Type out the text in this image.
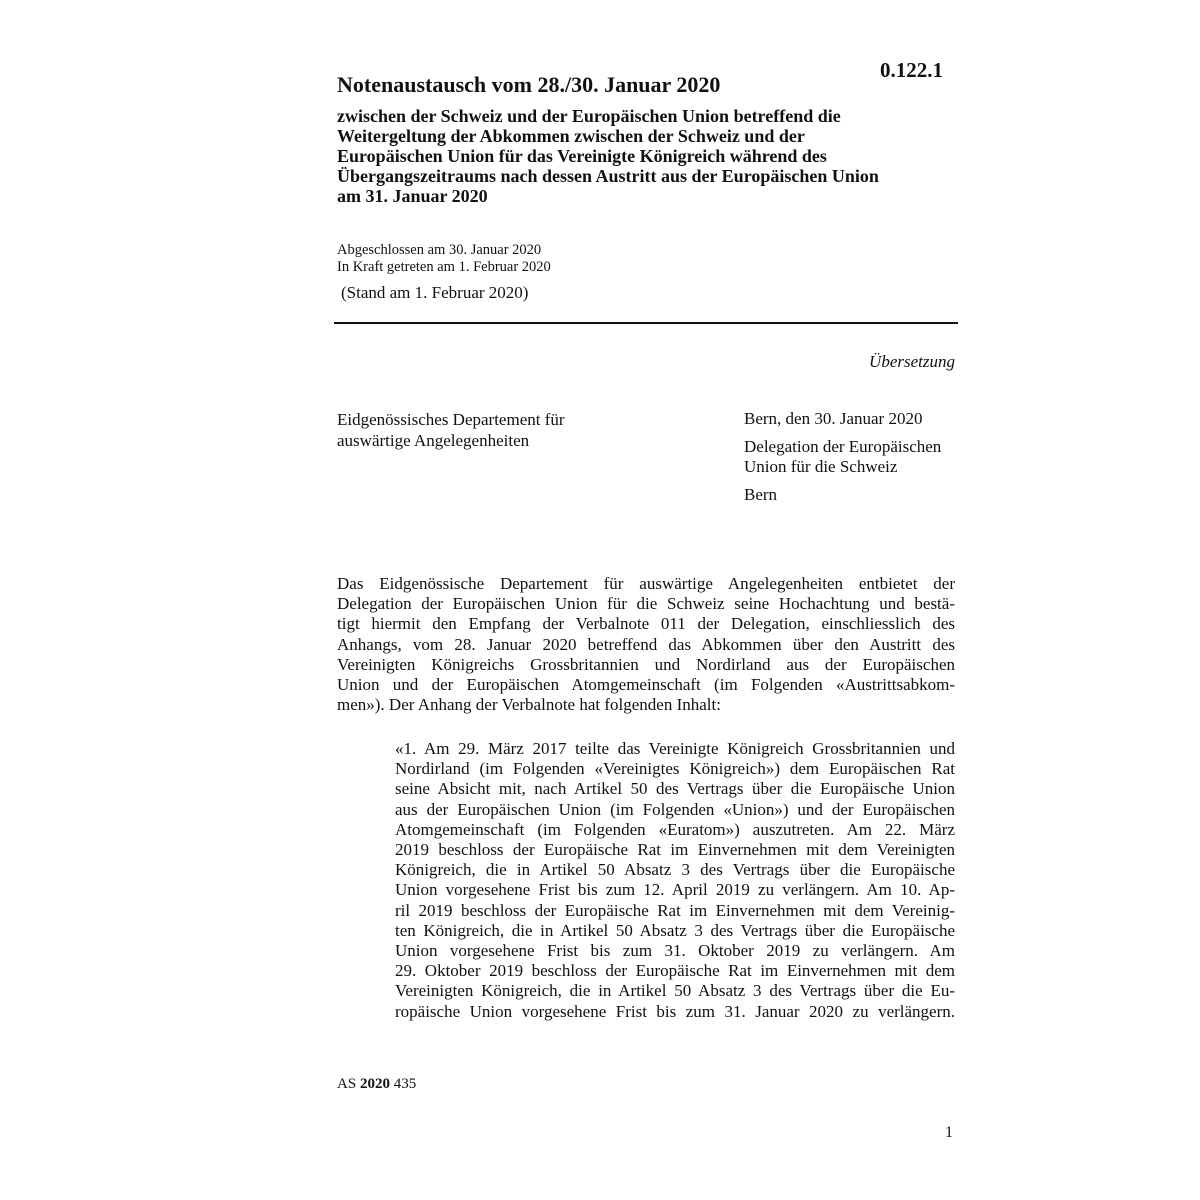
0.122.1
Notenaustausch vom 28./30. Januar 2020
zwischen der Schweiz und der Europäischen Union betreffend die
Weitergeltung der Abkommen zwischen der Schweiz und der
Europäischen Union für das Vereinigte Königreich während des
Übergangszeitraums nach dessen Austritt aus der Europäischen Union
am 31. Januar 2020
Abgeschlossen am 30. Januar 2020
In Kraft getreten am 1. Februar 2020
(Stand am 1. Februar 2020)
Übersetzung
Eidgenössisches Departement für
auswärtige Angelegenheiten
Bern, den 30. Januar 2020
Delegation der Europäischen
Union für die Schweiz
Bern
Das Eidgenössische Departement für auswärtige Angelegenheiten entbietet der
Delegation der Europäischen Union für die Schweiz seine Hochachtung und bestä-
tigt hiermit den Empfang der Verbalnote 011 der Delegation, einschliesslich des
Anhangs, vom 28. Januar 2020 betreffend das Abkommen über den Austritt des
Vereinigten Königreichs Grossbritannien und Nordirland aus der Europäischen
Union und der Europäischen Atomgemeinschaft (im Folgenden «Austrittsabkom-
men»). Der Anhang der Verbalnote hat folgenden Inhalt:
«1. Am 29. März 2017 teilte das Vereinigte Königreich Grossbritannien und
Nordirland (im Folgenden «Vereinigtes Königreich») dem Europäischen Rat
seine Absicht mit, nach Artikel 50 des Vertrags über die Europäische Union
aus der Europäischen Union (im Folgenden «Union») und der Europäischen
Atomgemeinschaft (im Folgenden «Euratom») auszutreten. Am 22. März
2019 beschloss der Europäische Rat im Einvernehmen mit dem Vereinigten
Königreich, die in Artikel 50 Absatz 3 des Vertrags über die Europäische
Union vorgesehene Frist bis zum 12. April 2019 zu verlängern. Am 10. Ap-
ril 2019 beschloss der Europäische Rat im Einvernehmen mit dem Vereinig-
ten Königreich, die in Artikel 50 Absatz 3 des Vertrags über die Europäische
Union vorgesehene Frist bis zum 31. Oktober 2019 zu verlängern. Am
29. Oktober 2019 beschloss der Europäische Rat im Einvernehmen mit dem
Vereinigten Königreich, die in Artikel 50 Absatz 3 des Vertrags über die Eu-
ropäische Union vorgesehene Frist bis zum 31. Januar 2020 zu verlängern.
AS 2020 435
1
